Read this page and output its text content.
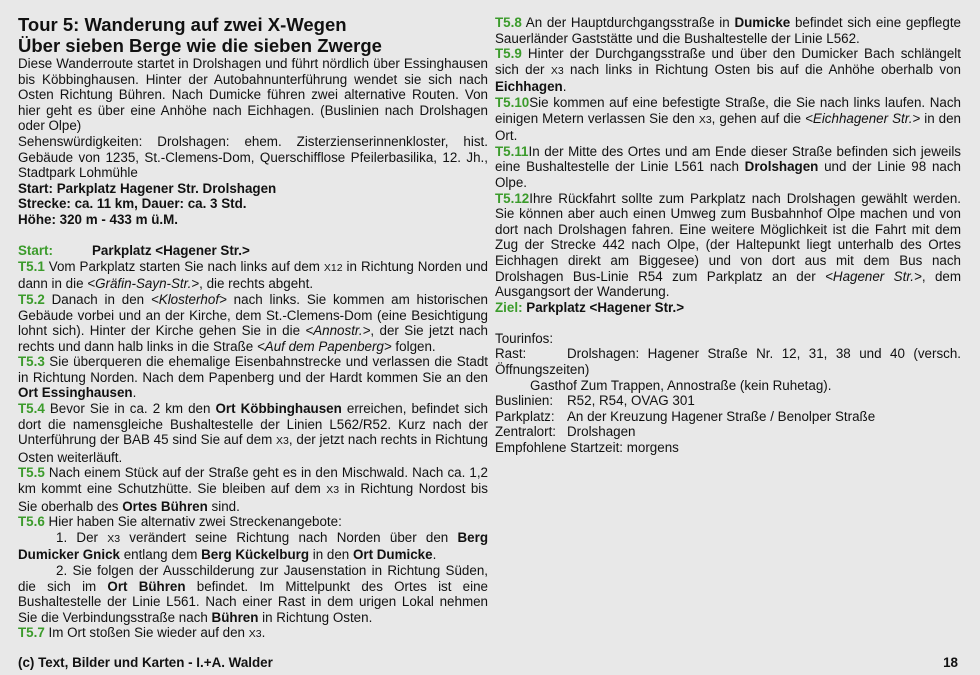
Tour 5: Wanderung auf zwei X-Wegen
Über sieben Berge wie die sieben Zwerge
Diese Wanderroute startet in Drolshagen und führt nördlich über Essinghausen bis Köbbinghausen. Hinter der Autobahnunterführung wendet sie sich nach Osten Richtung Bühren. Nach Dumicke führen zwei alternative Routen. Von hier geht es über eine Anhöhe nach Eichhagen. (Buslinien nach Drolshagen oder Olpe)
Sehenswürdigkeiten: Drolshagen: ehem. Zisterzienserinnenkloster, hist. Gebäude von 1235, St.-Clemens-Dom, Querschifflose Pfeilerbasilika, 12. Jh., Stadtpark Lohmühle
Start: Parkplatz Hagener Str. Drolshagen
Strecke: ca. 11 km, Dauer: ca. 3 Std.
Höhe: 320 m - 433 m ü.M.
Start:	Parkplatz <Hagener Str.>
T5.1 Vom Parkplatz starten Sie nach links auf dem X12 in Richtung Norden und dann in die <Gräfin-Sayn-Str.>, die rechts abgeht.
T5.2 Danach in den <Klosterhof> nach links. Sie kommen am historischen Gebäude vorbei und an der Kirche, dem St.-Clemens-Dom (eine Besichtigung lohnt sich). Hinter der Kirche gehen Sie in die <Annostr.>, der Sie jetzt nach rechts und dann halb links in die Straße <Auf dem Papenberg> folgen.
T5.3 Sie überqueren die ehemalige Eisenbahnstrecke und verlassen die Stadt in Richtung Norden. Nach dem Papenberg und der Hardt kommen Sie an den Ort Essinghausen.
T5.4 Bevor Sie in ca. 2 km den Ort Köbbinghausen erreichen, befindet sich dort die namensgleiche Bushaltestelle der Linien L562/R52. Kurz nach der Unterführung der BAB 45 sind Sie auf dem X3, der jetzt nach rechts in Richtung Osten weiterläuft.
T5.5 Nach einem Stück auf der Straße geht es in den Mischwald. Nach ca. 1,2 km kommt eine Schutzhütte. Sie bleiben auf dem X3 in Richtung Nordost bis Sie oberhalb des Ortes Bühren sind.
T5.6 Hier haben Sie alternativ zwei Streckenangebote:
1. Der X3 verändert seine Richtung nach Norden über den Berg Dumicker Gnick entlang dem Berg Kückelburg in den Ort Dumicke.
2. Sie folgen der Ausschilderung zur Jausenstation in Richtung Süden, die sich im Ort Bühren befindet. Im Mittelpunkt des Ortes ist eine Bushaltestelle der Linie L561. Nach einer Rast in dem urigen Lokal nehmen Sie die Verbindungsstraße nach Bühren in Richtung Osten.
T5.7 Im Ort stoßen Sie wieder auf den X3.
T5.8 An der Hauptdurchgangsstraße in Dumicke befindet sich eine gepflegte Sauerländer Gaststätte und die Bushaltestelle der Linie L562.
T5.9 Hinter der Durchgangsstraße und über den Dumicker Bach schlängelt sich der X3 nach links in Richtung Osten bis auf die Anhöhe oberhalb von Eichhagen.
T5.10Sie kommen auf eine befestigte Straße, die Sie nach links laufen. Nach einigen Metern verlassen Sie den X3, gehen auf die <Eichhagener Str.> in den Ort.
T5.11In der Mitte des Ortes und am Ende dieser Straße befinden sich jeweils eine Bushaltestelle der Linie L561 nach Drolshagen und der Linie 98 nach Olpe.
T5.12Ihre Rückfahrt sollte zum Parkplatz nach Drolshagen gewählt werden. Sie können aber auch einen Umweg zum Busbahnhof Olpe machen und von dort nach Drolshagen fahren. Eine weitere Möglichkeit ist die Fahrt mit dem Zug der Strecke 442 nach Olpe, (der Haltepunkt liegt unterhalb des Ortes Eichhagen direkt am Biggesee) und von dort aus mit dem Bus nach Drolshagen Bus-Linie R54 zum Parkplatz an der <Hagener Str.>, dem Ausgangsort der Wanderung.
Ziel: Parkplatz <Hagener Str.>
Tourinfos:
Rast:	Drolshagen: Hagener Straße Nr. 12, 31, 38 und 40 (versch. Öffnungszeiten)
Gasthof Zum Trappen, Annostraße (kein Ruhetag).
Buslinien: R52, R54, OVAG 301
Parkplatz: An der Kreuzung Hagener Straße / Benolper Straße
Zentralort: Drolshagen
Empfohlene Startzeit: morgens
(c) Text, Bilder und Karten - I.+A. Walder	18
